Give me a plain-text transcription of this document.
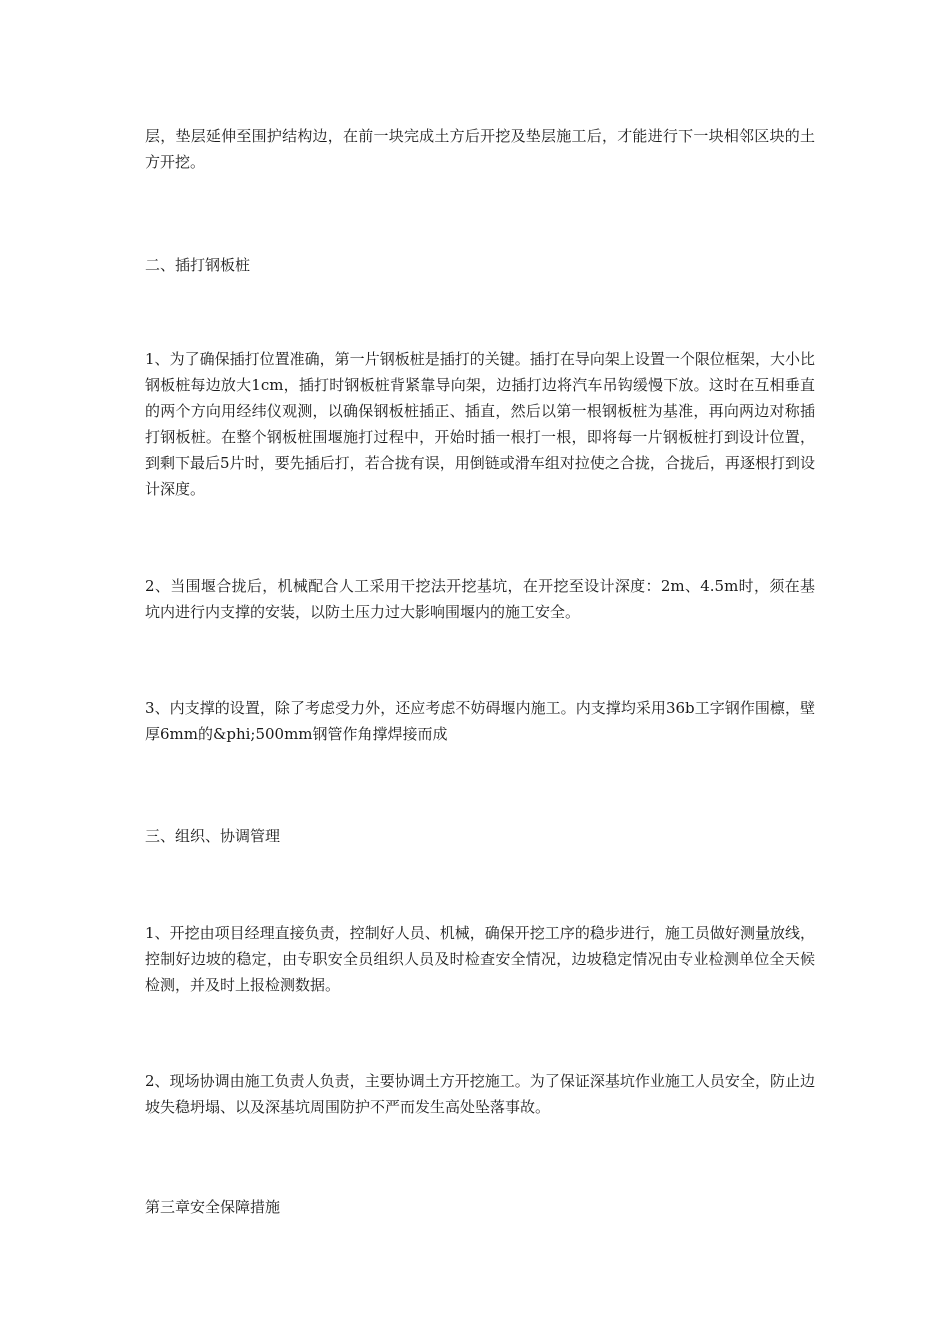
层，垫层延伸至围护结构边，在前一块完成土方后开挖及垫层施工后，才能进行下一块相邻区块的土方开挖。

二、插打钢板桩

1、为了确保插打位置准确，第一片钢板桩是插打的关键。插打在导向架上设置一个限位框架，大小比钢板桩每边放大1cm，插打时钢板桩背紧靠导向架，边插打边将汽车吊钩缓慢下放。这时在互相垂直的两个方向用经纬仪观测，以确保钢板桩插正、插直，然后以第一根钢板桩为基准，再向两边对称插打钢板桩。在整个钢板桩围堰施打过程中，开始时插一根打一根，即将每一片钢板桩打到设计位置，到剩下最后5片时，要先插后打，若合拢有误，用倒链或滑车组对拉使之合拢，合拢后，再逐根打到设计深度。

2、当围堰合拢后，机械配合人工采用干挖法开挖基坑，在开挖至设计深度：2m、4.5m时，须在基坑内进行内支撑的安装，以防土压力过大影响围堰内的施工安全。

3、内支撑的设置，除了考虑受力外，还应考虑不妨碍堰内施工。内支撑均采用36b工字钢作围檩，壁厚6mm的&phi;500mm钢管作角撑焊接而成

三、组织、协调管理

1、开挖由项目经理直接负责，控制好人员、机械，确保开挖工序的稳步进行，施工员做好测量放线，控制好边坡的稳定，由专职安全员组织人员及时检查安全情况，边坡稳定情况由专业检测单位全天候检测，并及时上报检测数据。

2、现场协调由施工负责人负责，主要协调土方开挖施工。为了保证深基坑作业施工人员安全，防止边坡失稳坍塌、以及深基坑周围防护不严而发生高处坠落事故。

第三章安全保障措施
